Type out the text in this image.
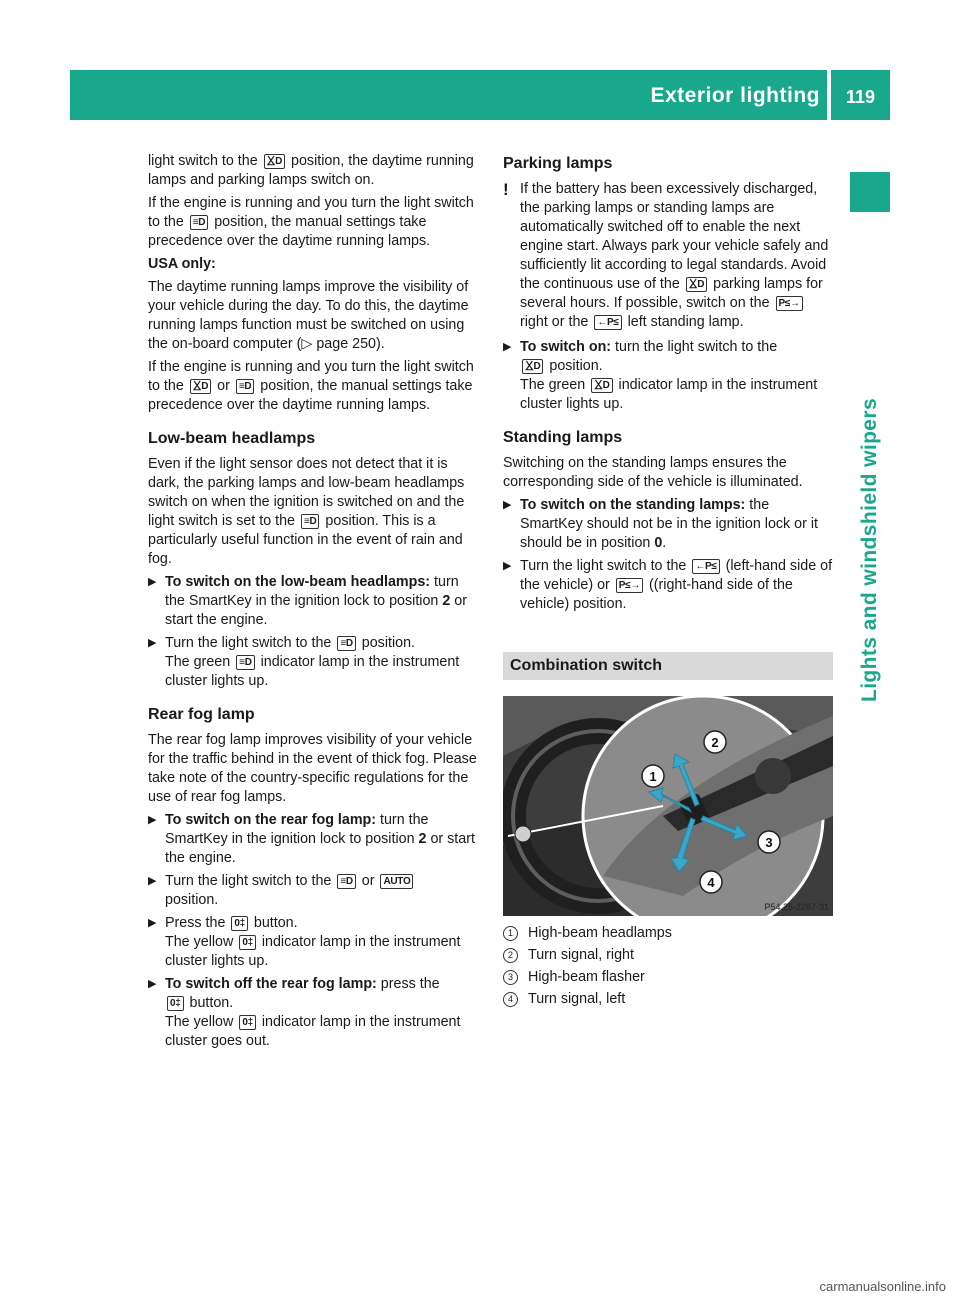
Exterior lighting	119
Lights and windshield wipers

light switch to the ⯷D position, the daytime running lamps and parking lamps switch on.

If the engine is running and you turn the light switch to the ≡D position, the manual settings take precedence over the daytime running lamps.

USA only:

The daytime running lamps improve the visibility of your vehicle during the day. To do this, the daytime running lamps function must be switched on using the on-board computer (▷ page 250).

If the engine is running and you turn the light switch to the ⯷D or ≡D position, the manual settings take precedence over the daytime running lamps.

Low-beam headlamps

Even if the light sensor does not detect that it is dark, the parking lamps and low-beam headlamps switch on when the ignition is switched on and the light switch is set to the ≡D position. This is a particularly useful function in the event of rain and fog.

▶ To switch on the low-beam headlamps: turn the SmartKey in the ignition lock to position 2 or start the engine.
▶ Turn the light switch to the ≡D position.
The green ≡D indicator lamp in the instrument cluster lights up.
Rear fog lamp

The rear fog lamp improves visibility of your vehicle for the traffic behind in the event of thick fog. Please take note of the country-specific regulations for the use of rear fog lamps.

▶ To switch on the rear fog lamp: turn the SmartKey in the ignition lock to position 2 or start the engine.
▶ Turn the light switch to the ≡D or AUTO
position.
▶ Press the 0‡ button.
The yellow 0‡ indicator lamp in the instrument cluster lights up.
▶ To switch off the rear fog lamp: press the
0‡ button.
The yellow 0‡ indicator lamp in the instrument cluster goes out.
Parking lamps
! If the battery has been excessively discharged, the parking lamps or standing lamps are automatically switched off to enable the next engine start. Always park your vehicle safely and sufficiently lit according to legal standards. Avoid the continuous use of the ⯷D parking lamps for several hours. If possible, switch on the P≤→ right or the ←P≤ left standing lamp.
▶ To switch on: turn the light switch to the
⯷D position.
The green ⯷D indicator lamp in the instrument cluster lights up.
Standing lamps

Switching on the standing lamps ensures the corresponding side of the vehicle is illuminated.

▶ To switch on the standing lamps: the SmartKey should not be in the ignition lock or it should be in position 0.
▶ Turn the light switch to the ←P≤ (left-hand side of the vehicle) or P≤→ ((right-hand side of the vehicle) position.
Combination switch
1
2
3
4
P54.25-2287-31
1	High-beam headlamps
2	Turn signal, right
3	High-beam flasher
4	Turn signal, left
carmanualsonline.info
